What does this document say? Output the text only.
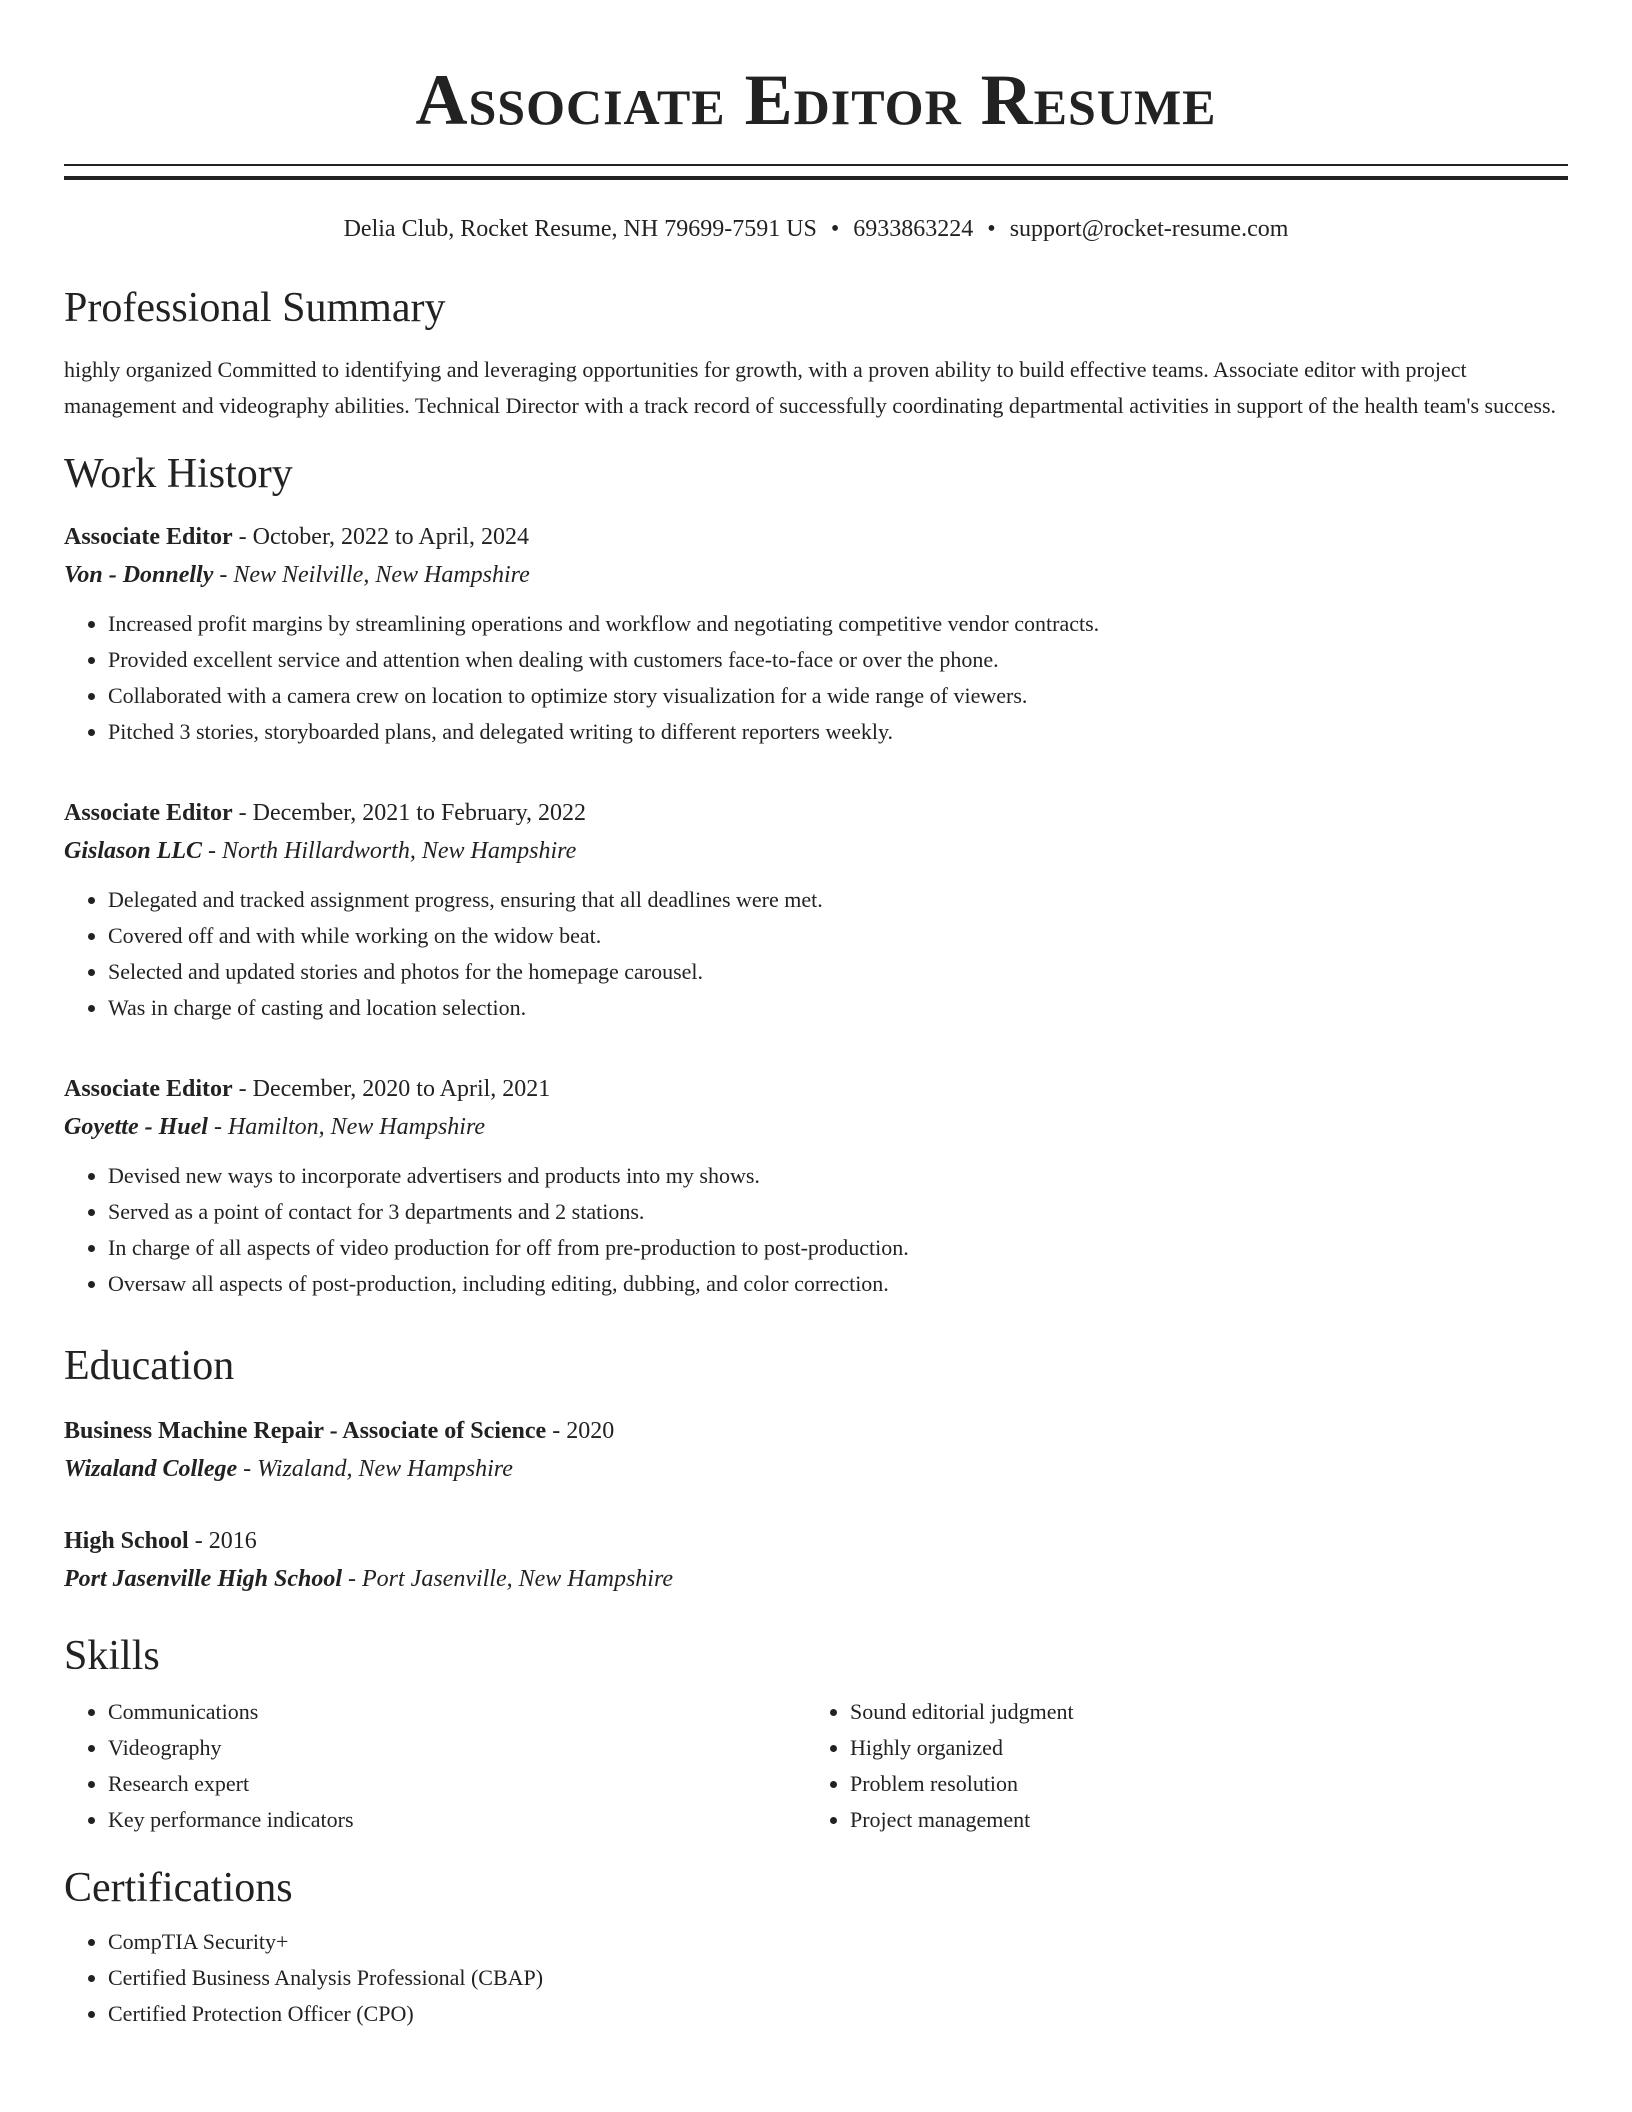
Associate Editor Resume
Delia Club, Rocket Resume, NH 79699-7591 US • 6933863224 • support@rocket-resume.com
Professional Summary
highly organized Committed to identifying and leveraging opportunities for growth, with a proven ability to build effective teams. Associate editor with project management and videography abilities. Technical Director with a track record of successfully coordinating departmental activities in support of the health team's success.
Work History
Associate Editor - October, 2022 to April, 2024
Von - Donnelly - New Neilville, New Hampshire
• Increased profit margins by streamlining operations and workflow and negotiating competitive vendor contracts.
• Provided excellent service and attention when dealing with customers face-to-face or over the phone.
• Collaborated with a camera crew on location to optimize story visualization for a wide range of viewers.
• Pitched 3 stories, storyboarded plans, and delegated writing to different reporters weekly.
Associate Editor - December, 2021 to February, 2022
Gislason LLC - North Hillardworth, New Hampshire
• Delegated and tracked assignment progress, ensuring that all deadlines were met.
• Covered off and with while working on the widow beat.
• Selected and updated stories and photos for the homepage carousel.
• Was in charge of casting and location selection.
Associate Editor - December, 2020 to April, 2021
Goyette - Huel - Hamilton, New Hampshire
• Devised new ways to incorporate advertisers and products into my shows.
• Served as a point of contact for 3 departments and 2 stations.
• In charge of all aspects of video production for off from pre-production to post-production.
• Oversaw all aspects of post-production, including editing, dubbing, and color correction.
Education
Business Machine Repair - Associate of Science - 2020
Wizaland College - Wizaland, New Hampshire
High School - 2016
Port Jasenville High School - Port Jasenville, New Hampshire
Skills
• Communications
• Videography
• Research expert
• Key performance indicators
• Sound editorial judgment
• Highly organized
• Problem resolution
• Project management
Certifications
• CompTIA Security+
• Certified Business Analysis Professional (CBAP)
• Certified Protection Officer (CPO)
